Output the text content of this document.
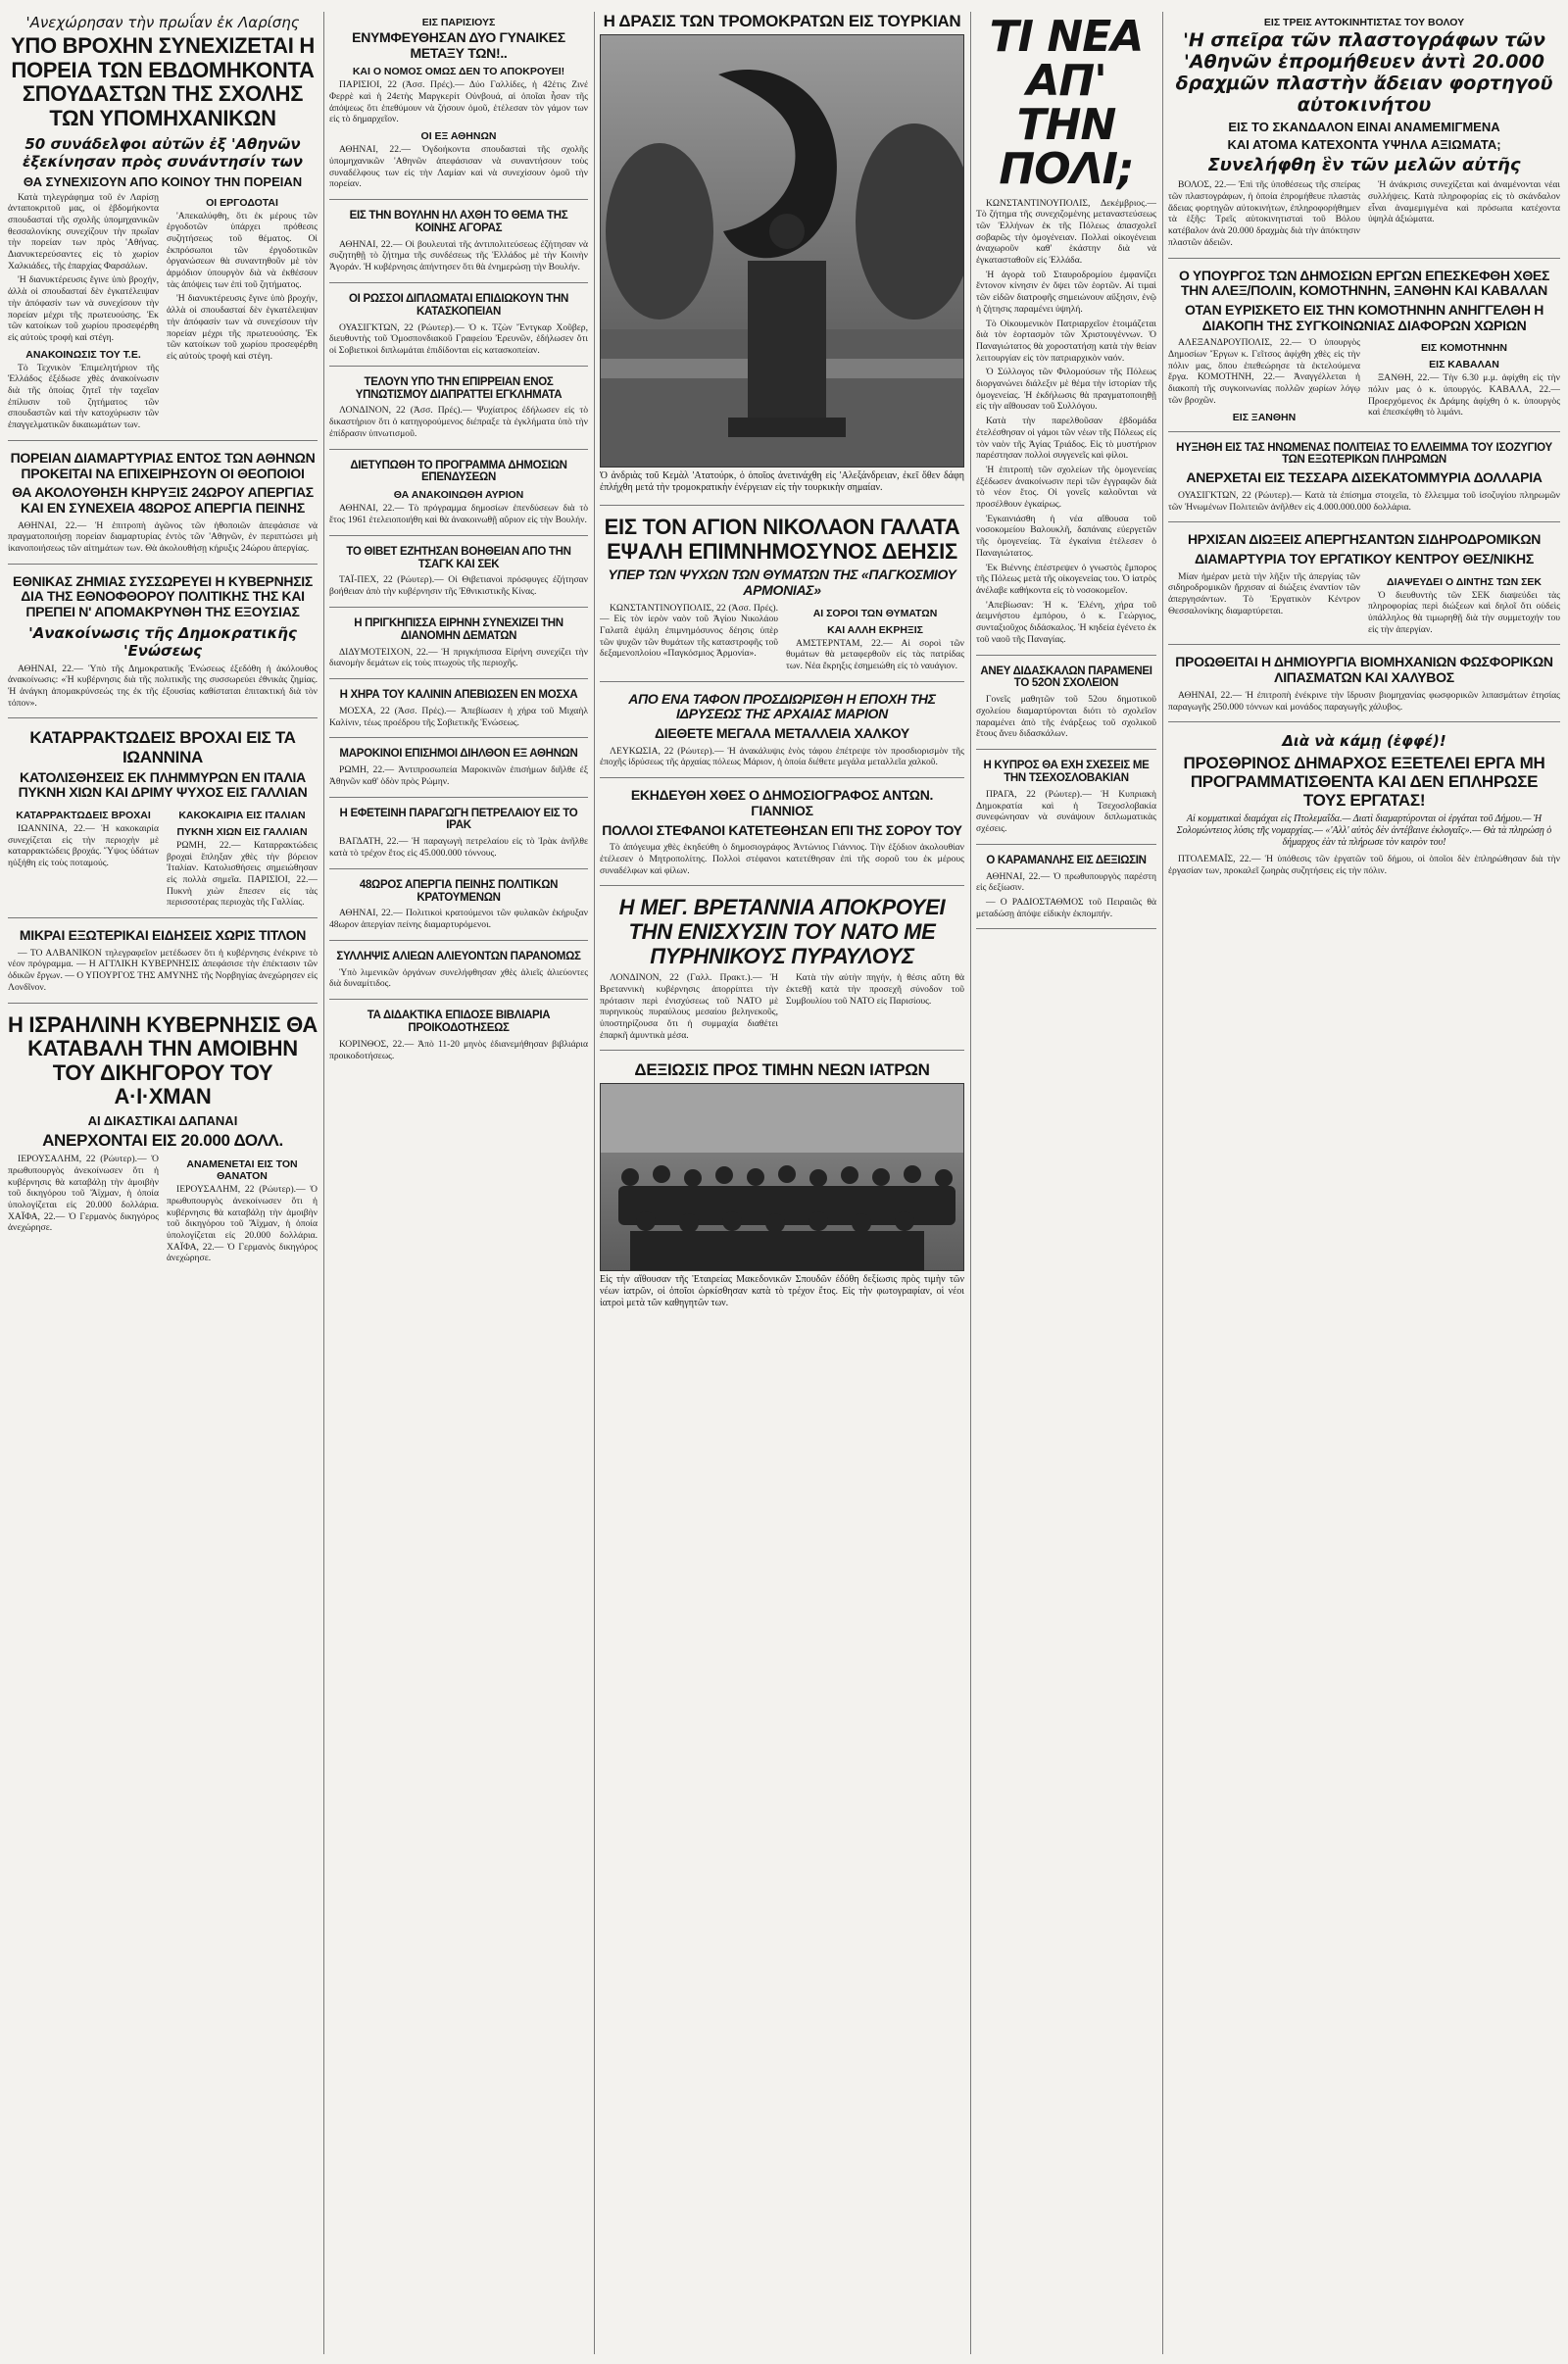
'Ανεχώρησαν τὴν πρωΐαν ἐκ Λαρίσης
ΥΠΟ ΒΡΟΧΗΝ ΣΥΝΕΧΙΖΕΤΑΙ Η ΠΟΡΕΙΑ ΤΩΝ ΕΒΔΟΜΗΚΟΝΤΑ ΣΠΟΥΔΑΣΤΩΝ ΤΗΣ ΣΧΟΛΗΣ ΤΩΝ ΥΠΟΜΗΧΑΝΙΚΩΝ
50 συνάδελφοι αὐτῶν ἐξ 'Αθηνῶν ἐξεκίνησαν πρὸς συνάντησίν των
ΘΑ ΣΥΝΕΧΙΣΟΥΝ ΑΠΟ ΚΟΙΝΟΥ ΤΗΝ ΠΟΡΕΙΑΝ

Κατὰ τηλεγράφημα τοῦ ἐν Λαρίσῃ ἀνταποκριτοῦ μας, οἱ ἑβδομήκοντα σπουδασταί τῆς σχολῆς ὑπομηχανικῶν θεσσαλονίκης συνεχίζουν τὴν πρωΐαν τὴν πορείαν των πρὸς 'Αθήνας. Διανυκτερεύσαντες εἰς τὸ χωρίον Χαλκιάδες, τῆς ἐπαρχίας Φαρσάλων.

'Η διανυκτέρευσις ἔγινε ὑπὸ βροχήν, ἀλλὰ οἱ σπουδασταί δὲν ἐγκατέλειψαν τὴν ἀπόφασίν των νὰ συνεχίσουν τὴν πορείαν μέχρι τῆς πρωτευούσης. Ἐκ τῶν κατοίκων τοῦ χωρίου προσεφέρθη εἰς αὐτοὺς τροφὴ καὶ στέγη.

ΑΝΑΚΟΙΝΩΣΙΣ ΤΟΥ Τ.Ε.

Τὸ Τεχνικὸν Ἐπιμελητήριον τῆς Ἑλλάδος ἐξέδωσε χθὲς ἀνακοίνωσιν διὰ τῆς ὁποίας ζητεῖ τὴν ταχεῖαν ἐπίλυσιν τοῦ ζητήματος τῶν σπουδαστῶν καὶ τὴν κατοχύρωσιν τῶν ἐπαγγελματικῶν δικαιωμάτων των.

ΟΙ ΕΡΓΟΔΟΤΑΙ

'Απεκαλύφθη, ὅτι ἐκ μέρους τῶν ἐργοδοτῶν ὑπάρχει πρόθεσις συζητήσεως τοῦ θέματος. Οἱ ἐκπρόσωποι τῶν ἐργοδοτικῶν ὀργανώσεων θὰ συναντηθοῦν μὲ τὸν ἁρμόδιον ὑπουργὸν διὰ νὰ ἐκθέσουν τὰς ἀπόψεις των ἐπὶ τοῦ ζητήματος.

'Η διανυκτέρευσις ἔγινε ὑπὸ βροχήν, ἀλλὰ οἱ σπουδασταί δὲν ἐγκατέλειψαν τὴν ἀπόφασίν των νὰ συνεχίσουν τὴν πορείαν μέχρι τῆς πρωτευούσης. Ἐκ τῶν κατοίκων τοῦ χωρίου προσεφέρθη εἰς αὐτοὺς τροφὴ καὶ στέγη.

ΠΟΡΕΙΑΝ ΔΙΑΜΑΡΤΥΡΙΑΣ ΕΝΤΟΣ ΤΩΝ ΑΘΗΝΩΝ ΠΡΟΚΕΙΤΑΙ ΝΑ ΕΠΙΧΕΙΡΗΣΟΥΝ ΟΙ ΘΕΟΠΟΙΟΙ
ΘΑ ΑΚΟΛΟΥΘΗΣΗ ΚΗΡΥΞΙΣ 24ΩΡΟΥ ΑΠΕΡΓΙΑΣ ΚΑΙ ΕΝ ΣΥΝΕΧΕΙΑ 48ΩΡΟΣ ΑΠΕΡΓΙΑ ΠΕΙΝΗΣ

ΑΘΗΝΑΙ, 22.— Ἡ ἐπιτροπὴ ἀγῶνος τῶν ἠθοποιῶν ἀπεφάσισε νὰ πραγματοποιήσῃ πορείαν διαμαρτυρίας ἐντὸς τῶν 'Αθηνῶν, ἐν περιπτώσει μὴ ἱκανοποιήσεως τῶν αἰτημάτων των. Θὰ ἀκολουθήσῃ κήρυξις 24ώρου ἀπεργίας.

ΕΘΝΙΚΑΣ ΖΗΜΙΑΣ ΣΥΣΣΩΡΕΥΕΙ Η ΚΥΒΕΡΝΗΣΙΣ ΔΙΑ ΤΗΣ ΕΘΝΟΦΘΟΡΟΥ ΠΟΛΙΤΙΚΗΣ ΤΗΣ ΚΑΙ ΠΡΕΠΕΙ Ν' ΑΠΟΜΑΚΡΥΝΘΗ ΤΗΣ ΕΞΟΥΣΙΑΣ
'Ανακοίνωσις τῆς Δημοκρατικῆς 'Ενώσεως

ΑΘΗΝΑΙ, 22.— Ὑπὸ τῆς Δημοκρατικῆς Ἑνώσεως ἐξεδόθη ἡ ἀκόλουθος ἀνακοίνωσις: «Ἡ κυβέρνησις διὰ τῆς πολιτικῆς της συσσωρεύει ἐθνικὰς ζημίας. Ἡ ἀνάγκη ἀπομακρύνσεώς της ἐκ τῆς ἐξουσίας καθίσταται ἐπιτακτική διὰ τὸν τόπον».

ΚΑΤΑΡΡΑΚΤΩΔΕΙΣ ΒΡΟΧΑΙ ΕΙΣ ΤΑ ΙΩΑΝΝΙΝΑ
ΚΑΤΟΛΙΣΘΗΣΕΙΣ ΕΚ ΠΛΗΜΜΥΡΩΝ ΕΝ ΙΤΑΛΙΑ ΠΥΚΝΗ ΧΙΩΝ ΚΑΙ ΔΡΙΜΥ ΨΥΧΟΣ ΕΙΣ ΓΑΛΛΙΑΝ
ΚΑΤΑΡΡΑΚΤΩΔΕΙΣ ΒΡΟΧΑΙ

ΙΩΑΝΝΙΝΑ, 22.— Ἡ κακοκαιρία συνεχίζεται εἰς τὴν περιοχὴν μὲ καταρρακτώδεις βροχάς. Ὕψος ὑδάτων ηὐξήθη εἰς τοὺς ποταμούς.

ΚΑΚΟΚΑΙΡΙΑ ΕΙΣ ΙΤΑΛΙΑΝ
ΠΥΚΝΗ ΧΙΩΝ ΕΙΣ ΓΑΛΛΙΑΝ

ΡΩΜΗ, 22.— Καταρρακτώδεις βροχαὶ ἔπληξαν χθὲς τὴν βόρειον Ἰταλίαν. Κατολισθήσεις σημειώθησαν εἰς πολλὰ σημεῖα. ΠΑΡΙΣΙΟΙ, 22.— Πυκνὴ χιὼν ἔπεσεν εἰς τὰς περισσοτέρας περιοχὰς τῆς Γαλλίας.

ΜΙΚΡΑΙ ΕΞΩΤΕΡΙΚΑΙ ΕΙΔΗΣΕΙΣ ΧΩΡΙΣ ΤΙΤΛΟΝ

— ΤΟ ΑΛΒΑΝΙΚΟΝ τηλεγραφεῖον μετέδωσεν ὅτι ἡ κυβέρνησις ἐνέκρινε τὸ νέον πρόγραμμα. — Η ΑΓΓΛΙΚΗ ΚΥΒΕΡΝΗΣΙΣ ἀπεφάσισε τὴν ἐπέκτασιν τῶν ὀδικῶν ἔργων. — Ο ΥΠΟΥΡΓΟΣ ΤΗΣ ΑΜΥΝΗΣ τῆς Νορβηγίας ἀνεχώρησεν εἰς Λονδῖνον.

Η ΙΣΡΑΗΛΙΝΗ ΚΥΒΕΡΝΗΣΙΣ ΘΑ ΚΑΤΑΒΑΛΗ ΤΗΝ ΑΜΟΙΒΗΝ ΤΟΥ ΔΙΚΗΓΟΡΟΥ ΤΟΥ Α·Ι·ΧΜΑΝ
ΑΙ ΔΙΚΑΣΤΙΚΑΙ ΔΑΠΑΝΑΙ
ΑΝΕΡΧΟΝΤΑΙ ΕΙΣ 20.000 ΔΟΛΛ.

ΙΕΡΟΥΣΑΛΗΜ, 22 (Ρώυτερ).— Ὁ πρωθυπουργὸς ἀνεκοίνωσεν ὅτι ἡ κυβέρνησις θὰ καταβάλῃ τὴν ἀμοιβὴν τοῦ δικηγόρου τοῦ Ἄϊχμαν, ἡ ὁποία ὑπολογίζεται εἰς 20.000 δολλάρια. ΧΑΪΦΑ, 22.— Ὁ Γερμανὸς δικηγόρος ἀνεχώρησε.

ΑΝΑΜΕΝΕΤΑΙ ΕΙΣ ΤΟΝ ΘΑΝΑΤΟΝ

ΙΕΡΟΥΣΑΛΗΜ, 22 (Ρώυτερ).— Ὁ πρωθυπουργὸς ἀνεκοίνωσεν ὅτι ἡ κυβέρνησις θὰ καταβάλῃ τὴν ἀμοιβὴν τοῦ δικηγόρου τοῦ Ἄϊχμαν, ἡ ὁποία ὑπολογίζεται εἰς 20.000 δολλάρια. ΧΑΪΦΑ, 22.— Ὁ Γερμανὸς δικηγόρος ἀνεχώρησε.

ΕΙΣ ΠΑΡΙΣΙΟΥΣ
ΕΝΥΜΦΕΥΘΗΣΑΝ ΔΥΟ ΓΥΝΑΙΚΕΣ ΜΕΤΑΞΥ ΤΩΝ!..
ΚΑΙ Ο ΝΟΜΟΣ ΟΜΩΣ ΔΕΝ ΤΟ ΑΠΟΚΡΟΥΕΙ!

ΠΑΡΙΣΙΟΙ, 22 (Ἀσσ. Πρές).— Δύο Γαλλίδες, ἡ 42έτις Ζινέ Φερρὲ καὶ ἡ 24ετὴς Μαργκερίτ Οὐνβουά, αἱ ὁποῖαι ἦσαν τῆς ἀπόψεως ὅτι ἐπεθύμουν νὰ ζήσουν ὁμοῦ, ἐτέλεσαν τὸν γάμον των εἰς τὸ δημαρχεῖον.

ΟΙ ΕΞ ΑΘΗΝΩΝ

ΑΘΗΝΑΙ, 22.— Ὀγδοήκοντα σπουδασταὶ τῆς σχολῆς ὑπομηχανικῶν 'Αθηνῶν ἀπεφάσισαν νὰ συναντήσουν τοὺς συναδέλφους των εἰς τὴν Λαμίαν καὶ νὰ συνεχίσουν ὁμοῦ τὴν πορείαν.

ΕΙΣ ΤΗΝ ΒΟΥΛΗΝ ΗΛ ΑΧΘΗ ΤΟ ΘΕΜΑ ΤΗΣ ΚΟΙΝΗΣ ΑΓΟΡΑΣ

ΑΘΗΝΑΙ, 22.— Οἱ βουλευταὶ τῆς ἀντιπολιτεύσεως ἐζήτησαν νὰ συζητηθῇ τὸ ζήτημα τῆς συνδέσεως τῆς Ἑλλάδος μὲ τὴν Κοινὴν Ἀγοράν. Ἡ κυβέρνησις ἀπήντησεν ὅτι θὰ ἐνημερώσῃ τὴν Βουλήν.

ΟΙ ΡΩΣΣΟΙ ΔΙΠΛΩΜΑΤΑΙ ΕΠΙΔΙΩΚΟΥΝ ΤΗΝ ΚΑΤΑΣΚΟΠΕΙΑΝ

ΟΥΑΣΙΓΚΤΩΝ, 22 (Ρώυτερ).— Ὁ κ. Τζὼν Ἔντγκαρ Χοῦβερ, διευθυντὴς τοῦ Ὁμοσπονδιακοῦ Γραφείου Ἐρευνῶν, ἐδήλωσεν ὅτι οἱ Σοβιετικοὶ διπλωμάται ἐπιδίδονται εἰς κατασκοπείαν.

ΤΕΛΟΥΝ ΥΠΟ ΤΗΝ ΕΠΙΡΡΕΙΑΝ ΕΝΟΣ ΥΠΝΩΤΙΣΜΟΥ ΔΙΑΠΡΑΤΤΕΙ ΕΓΚΛΗΜΑΤΑ

ΛΟΝΔΙΝΟΝ, 22 (Ἀσσ. Πρές).— Ψυχίατρος ἐδήλωσεν εἰς τὸ δικαστήριον ὅτι ὁ κατηγορούμενος διέπραξε τὰ ἐγκλήματα ὑπὸ τὴν ἐπίδρασιν ὑπνωτισμοῦ.

ΔΙΕΤΥΠΩΘΗ ΤΟ ΠΡΟΓΡΑΜΜΑ ΔΗΜΟΣΙΩΝ ΕΠΕΝΔΥΣΕΩΝ
ΘΑ ΑΝΑΚΟΙΝΩΘΗ ΑΥΡΙΟΝ

ΑΘΗΝΑΙ, 22.— Τὸ πρόγραμμα δημοσίων ἐπενδύσεων διὰ τὸ ἔτος 1961 ἐτελειοποιήθη καὶ θὰ ἀνακοινωθῇ αὔριον εἰς τὴν Βουλήν.

ΤΟ ΘΙΒΕΤ ΕΖΗΤΗΣΑΝ ΒΟΗΘΕΙΑΝ ΑΠΟ ΤΗΝ ΤΣΑΓΚ ΚΑΙ ΣΕΚ

ΤΑΪ-ΠΕΧ, 22 (Ρώυτερ).— Οἱ Θιβετιανοὶ πρόσφυγες ἐζήτησαν βοήθειαν ἀπὸ τὴν κυβέρνησιν τῆς Ἐθνικιστικῆς Κίνας.

Η ΠΡΙΓΚΗΠΙΣΣΑ ΕΙΡΗΝΗ ΣΥΝΕΧΙΖΕΙ ΤΗΝ ΔΙΑΝΟΜΗΝ ΔΕΜΑΤΩΝ

ΔΙΔΥΜΟΤΕΙΧΟΝ, 22.— Ἡ πριγκήπισσα Εἰρήνη συνεχίζει τὴν διανομὴν δεμάτων εἰς τοὺς πτωχοὺς τῆς περιοχῆς.

Η ΧΗΡΑ ΤΟΥ ΚΑΛΙΝΙΝ ΑΠΕΒΙΩΣΕΝ ΕΝ ΜΟΣΧΑ

ΜΟΣΧΑ, 22 (Ἀσσ. Πρές).— Ἀπεβίωσεν ἡ χήρα τοῦ Μιχαὴλ Καλίνιν, τέως προέδρου τῆς Σοβιετικῆς Ἑνώσεως.

ΜΑΡΟΚΙΝΟΙ ΕΠΙΣΗΜΟΙ ΔΙΗΛΘΟΝ ΕΞ ΑΘΗΝΩΝ

ΡΩΜΗ, 22.— Ἀντιπροσωπεία Μαροκινῶν ἐπισήμων διῆλθε ἐξ Ἀθηνῶν καθ' ὁδὸν πρὸς Ρώμην.

Η ΕΦΕΤΕΙΝΗ ΠΑΡΑΓΩΓΗ ΠΕΤΡΕΛΑΙΟΥ ΕΙΣ ΤΟ ΙΡΑΚ

ΒΑΓΔΑΤΗ, 22.— Ἡ παραγωγὴ πετρελαίου εἰς τὸ Ἰρὰκ ἀνῆλθε κατὰ τὸ τρέχον ἔτος εἰς 45.000.000 τόννους.

48ΩΡΟΣ ΑΠΕΡΓΙΑ ΠΕΙΝΗΣ ΠΟΛΙΤΙΚΩΝ ΚΡΑΤΟΥΜΕΝΩΝ

ΑΘΗΝΑΙ, 22.— Πολιτικοὶ κρατούμενοι τῶν φυλακῶν ἐκήρυξαν 48ωρον ἀπεργίαν πείνης διαμαρτυρόμενοι.

ΣΥΛΛΗΨΙΣ ΑΛΙΕΩΝ ΑΛΙΕΥΟΝΤΩΝ ΠΑΡΑΝΟΜΩΣ

Ὑπὸ λιμενικῶν ὀργάνων συνελήφθησαν χθὲς ἁλιεῖς ἁλιεύοντες διὰ δυναμίτιδος.

ΤΑ ΔΙΔΑΚΤΙΚΑ ΕΠΙΔΟΣΕ ΒΙΒΛΙΑΡΙΑ ΠΡΟΙΚΟΔΟΤΗΣΕΩΣ

ΚΟΡΙΝΘΟΣ, 22.— Ἀπὸ 11-20 μηνὸς ἐδιανεμήθησαν βιβλιάρια προικοδοτήσεως.

Η ΔΡΑΣΙΣ ΤΩΝ ΤΡΟΜΟΚΡΑΤΩΝ ΕΙΣ ΤΟΥΡΚΙΑΝ
Ὁ ἀνδριὰς τοῦ Κεμὰλ 'Ατατούρκ, ὁ ὁποῖος ἀνετινάχθη εἰς 'Αλεξάνδρειαν, ἐκεῖ ὅθεν δάφη ἐπλήχθη μετά τὴν τρομοκρατικὴν ἐνέργειαν εἰς τὴν τουρκικὴν σημαίαν.
ΕΙΣ ΤΟΝ ΑΓΙΟΝ ΝΙΚΟΛΑΟΝ ΓΑΛΑΤΑ ΕΨΑΛΗ ΕΠΙΜΝΗΜΟΣΥΝΟΣ ΔΕΗΣΙΣ
ΥΠΕΡ ΤΩΝ ΨΥΧΩΝ ΤΩΝ ΘΥΜΑΤΩΝ ΤΗΣ «ΠΑΓΚΟΣΜΙΟΥ ΑΡΜΟΝΙΑΣ»

ΚΩΝΣΤΑΝΤΙΝΟΥΠΟΛΙΣ, 22 (Ἀσσ. Πρές).— Εἰς τὸν ἱερὸν ναὸν τοῦ Ἁγίου Νικολάου Γαλατᾶ ἐψάλη ἐπιμνημόσυνος δέησις ὑπὲρ τῶν ψυχῶν τῶν θυμάτων τῆς καταστροφῆς τοῦ δεξαμενοπλοίου «Παγκόσμιος Ἁρμονία».

ΑΙ ΣΟΡΟΙ ΤΩΝ ΘΥΜΑΤΩΝ
ΚΑΙ ΑΛΛΗ ΕΚΡΗΞΙΣ

ΑΜΣΤΕΡΝΤΑΜ, 22.— Αἱ σοροὶ τῶν θυμάτων θὰ μεταφερθοῦν εἰς τὰς πατρίδας των. Νέα ἔκρηξις ἐσημειώθη εἰς τὸ ναυάγιον.

ΑΠΟ ΕΝΑ ΤΑΦΟΝ ΠΡΟΣΔΙΩΡΙΣΘΗ Η ΕΠΟΧΗ ΤΗΣ ΙΔΡΥΣΕΩΣ ΤΗΣ ΑΡΧΑΙΑΣ ΜΑΡΙΟΝ
ΔΙΕΘΕΤΕ ΜΕΓΑΛΑ ΜΕΤΑΛΛΕΙΑ ΧΑΛΚΟΥ

ΛΕΥΚΩΣΙΑ, 22 (Ρώυτερ).— Ἡ ἀνακάλυψις ἑνὸς τάφου ἐπέτρεψε τὸν προσδιορισμὸν τῆς ἐποχῆς ἱδρύσεως τῆς ἀρχαίας πόλεως Μάριον, ἡ ὁποία διέθετε μεγάλα μεταλλεῖα χαλκοῦ.

ΕΚΗΔΕΥΘΗ ΧΘΕΣ Ο ΔΗΜΟΣΙΟΓΡΑΦΟΣ ΑΝΤΩΝ. ΓΙΑΝΝΙΟΣ
ΠΟΛΛΟΙ ΣΤΕΦΑΝΟΙ ΚΑΤΕΤΕΘΗΣΑΝ ΕΠΙ ΤΗΣ ΣΟΡΟΥ ΤΟΥ

Τὸ ἀπόγευμα χθὲς ἐκηδεύθη ὁ δημοσιογράφος Ἀντώνιος Γιάννιος. Τὴν ἐξόδιον ἀκολουθίαν ἐτέλεσεν ὁ Μητροπολίτης. Πολλοὶ στέφανοι κατετέθησαν ἐπὶ τῆς σοροῦ του ἐκ μέρους συναδέλφων καὶ φίλων.

Η ΜΕΓ. ΒΡΕΤΑΝΝΙΑ ΑΠΟΚΡΟΥΕΙ ΤΗΝ ΕΝΙΣΧΥΣΙΝ ΤΟΥ ΝΑΤΟ ΜΕ ΠΥΡΗΝΙΚΟΥΣ ΠΥΡΑΥΛΟΥΣ

ΛΟΝΔΙΝΟΝ, 22 (Γαλλ. Πρακτ.).— Ἡ Βρεταννικὴ κυβέρνησις ἀπορρίπτει τὴν πρότασιν περὶ ἐνισχύσεως τοῦ ΝΑΤΟ μὲ πυρηνικοὺς πυραύλους μεσαίου βεληνεκοῦς, ὑποστηρίζουσα ὅτι ἡ συμμαχία διαθέτει ἐπαρκῆ ἀμυντικὰ μέσα.

Κατὰ τὴν αὐτὴν πηγήν, ἡ θέσις αὕτη θὰ ἐκτεθῇ κατὰ τὴν προσεχῆ σύνοδον τοῦ Συμβουλίου τοῦ ΝΑΤΟ εἰς Παρισίους.

ΔΕΞΙΩΣΙΣ ΠΡΟΣ ΤΙΜΗΝ ΝΕΩΝ ΙΑΤΡΩΝ
Εἰς τὴν αἴθουσαν τῆς Ἑταιρείας Μακεδονικῶν Σπουδῶν ἐδόθη δεξίωσις πρὸς τιμὴν τῶν νέων ἰατρῶν, οἱ ὁποῖοι ὡρκίσθησαν κατὰ τὸ τρέχον ἔτος. Εἰς τὴν φωτογραφίαν, οἱ νέοι ἰατροὶ μετὰ τῶν καθηγητῶν των.
ΤΙ ΝΕΑ ΑΠ' ΤΗΝ ΠΟΛΙ;

ΚΩΝΣΤΑΝΤΙΝΟΥΠΟΛΙΣ, Δεκέμβριος.— Τὸ ζήτημα τῆς συνεχιζομένης μεταναστεύσεως τῶν Ἑλλήνων ἐκ τῆς Πόλεως ἀπασχολεῖ σοβαρῶς τὴν ὁμογένειαν. Πολλαὶ οἰκογένειαι ἀναχωροῦν καθ' ἑκάστην διὰ νὰ ἐγκατασταθοῦν εἰς Ἑλλάδα.

Ἡ ἀγορὰ τοῦ Σταυροδρομίου ἐμφανίζει ἔντονον κίνησιν ἐν ὄψει τῶν ἑορτῶν. Αἱ τιμαὶ τῶν εἰδῶν διατροφῆς σημειώνουν αὔξησιν, ἐνῷ ἡ ζήτησις παραμένει ὑψηλή.

Τὸ Οἰκουμενικὸν Πατριαρχεῖον ἑτοιμάζεται διὰ τὸν ἑορτασμὸν τῶν Χριστουγέννων. Ὁ Παναγιώτατος θὰ χοροστατήσῃ κατὰ τὴν θείαν λειτουργίαν εἰς τὸν πατριαρχικὸν ναόν.

Ὁ Σύλλογος τῶν Φιλομούσων τῆς Πόλεως διοργανώνει διάλεξιν μὲ θέμα τὴν ἱστορίαν τῆς ὁμογενείας. Ἡ ἐκδήλωσις θὰ πραγματοποιηθῇ εἰς τὴν αἴθουσαν τοῦ Συλλόγου.

Κατὰ τὴν παρελθοῦσαν ἑβδομάδα ἐτελέσθησαν οἱ γάμοι τῶν νέων τῆς Πόλεως εἰς τὸν ναὸν τῆς Ἁγίας Τριάδος. Εἰς τὸ μυστήριον παρέστησαν πολλοὶ συγγενεῖς καὶ φίλοι.

Ἡ ἐπιτροπὴ τῶν σχολείων τῆς ὁμογενείας ἐξέδωσεν ἀνακοίνωσιν περὶ τῶν ἐγγραφῶν διὰ τὸ νέον ἔτος. Οἱ γονεῖς καλοῦνται νὰ προσέλθουν ἐγκαίρως.

Ἐγκαινιάσθη ἡ νέα αἴθουσα τοῦ νοσοκομείου Βαλουκλῆ, δαπάναις εὐεργετῶν τῆς ὁμογενείας. Τὰ ἐγκαίνια ἐτέλεσεν ὁ Παναγιώτατος.

Ἐκ Βιέννης ἐπέστρεψεν ὁ γνωστὸς ἔμπορος τῆς Πόλεως μετὰ τῆς οἰκογενείας του. Ὁ ἰατρὸς ἀνέλαβε καθήκοντα εἰς τὸ νοσοκομεῖον.

'Απεβίωσαν: Ἡ κ. Ἐλένη, χήρα τοῦ ἀειμνήστου ἐμπόρου, ὁ κ. Γεώργιος, συνταξιοῦχος διδάσκαλος. Ἡ κηδεία ἐγένετο ἐκ τοῦ ναοῦ τῆς Παναγίας.

ΑΝΕΥ ΔΙΔΑΣΚΑΛΩΝ ΠΑΡΑΜΕΝΕΙ ΤΟ 52ΟΝ ΣΧΟΛΕΙΟΝ

Γονεῖς μαθητῶν τοῦ 52ου δημοτικοῦ σχολείου διαμαρτύρονται διότι τὸ σχολεῖον παραμένει ἀπὸ τῆς ἐνάρξεως τοῦ σχολικοῦ ἔτους ἄνευ διδασκάλων.

Η ΚΥΠΡΟΣ ΘΑ ΕΧΗ ΣΧΕΣΕΙΣ ΜΕ ΤΗΝ ΤΣΕΧΟΣΛΟΒΑΚΙΑΝ

ΠΡΑΓΑ, 22 (Ρώυτερ).— Ἡ Κυπριακὴ Δημοκρατία καὶ ἡ Τσεχοσλοβακία συνεφώνησαν νὰ συνάψουν διπλωματικὰς σχέσεις.

Ο ΚΑΡΑΜΑΝΛΗΣ ΕΙΣ ΔΕΞΙΩΣΙΝ

ΑΘΗΝΑΙ, 22.— Ὁ πρωθυπουργὸς παρέστη εἰς δεξίωσιν.

— Ο ΡΑΔΙΟΣΤΑΘΜΟΣ τοῦ Πειραιῶς θὰ μεταδώσῃ ἀπόψε εἰδικὴν ἐκπομπήν.

ΕΙΣ ΤΡΕΙΣ ΑΥΤΟΚΙΝΗΤΙΣΤΑΣ ΤΟΥ ΒΟΛΟΥ
'Η σπεῖρα τῶν πλαστογράφων τῶν 'Αθηνῶν ἐπρομήθευεν ἀντὶ 20.000 δραχμῶν πλαστὴν ἄδειαν φορτηγοῦ αὐτοκινήτου
ΕΙΣ ΤΟ ΣΚΑΝΔΑΛΟΝ ΕΙΝΑΙ ΑΝΑΜΕΜΙΓΜΕΝΑ
ΚΑΙ ΑΤΟΜΑ ΚΑΤΕΧΟΝΤΑ ΥΨΗΛΑ ΑΞΙΩΜΑΤΑ;
Συνελήφθη ἓν τῶν μελῶν αὐτῆς

ΒΟΛΟΣ, 22.— Ἐπὶ τῆς ὑποθέσεως τῆς σπείρας τῶν πλαστογράφων, ἡ ὁποία ἐπρομήθευε πλαστὰς ἄδειας φορτηγῶν αὐτοκινήτων, ἐπληροφορήθημεν τὰ ἑξῆς: Τρεῖς αὐτοκινητισταὶ τοῦ Βόλου κατέβαλον ἀνὰ 20.000 δραχμὰς διὰ τὴν ἀπόκτησιν πλαστῶν ἀδειῶν.

Ἡ ἀνάκρισις συνεχίζεται καὶ ἀναμένονται νέαι συλλήψεις. Κατὰ πληροφορίας εἰς τὸ σκάνδαλον εἶναι ἀναμεμιγμένα καὶ πρόσωπα κατέχοντα ὑψηλὰ ἀξιώματα.

Ο ΥΠΟΥΡΓΟΣ ΤΩΝ ΔΗΜΟΣΙΩΝ ΕΡΓΩΝ ΕΠΕΣΚΕΦΘΗ ΧΘΕΣ ΤΗΝ ΑΛΕΞ/ΠΟΛΙΝ, ΚΟΜΟΤΗΝΗΝ, ΞΑΝΘΗΝ ΚΑΙ ΚΑΒΑΛΑΝ
ΟΤΑΝ ΕΥΡΙΣΚΕΤΟ ΕΙΣ ΤΗΝ ΚΟΜΟΤΗΝΗΝ ΑΝΗΓΓΕΛΘΗ Η ΔΙΑΚΟΠΗ ΤΗΣ ΣΥΓΚΟΙΝΩΝΙΑΣ ΔΙΑΦΟΡΩΝ ΧΩΡΙΩΝ

ΑΛΕΞΑΝΔΡΟΥΠΟΛΙΣ, 22.— Ὁ ὑπουργὸς Δημοσίων Ἔργων κ. Γεῖτσος ἀφίχθη χθὲς εἰς τὴν πόλιν μας, ὅπου ἐπεθεώρησε τὰ ἐκτελούμενα ἔργα. ΚΟΜΟΤΗΝΗ, 22.— Ἀναγγέλλεται ἡ διακοπὴ τῆς συγκοινωνίας πολλῶν χωρίων λόγῳ τῶν βροχῶν.

ΕΙΣ ΞΑΝΘΗΝ
ΕΙΣ ΚΟΜΟΤΗΝΗΝ
ΕΙΣ ΚΑΒΑΛΑΝ

ΞΑΝΘΗ, 22.— Τὴν 6.30 μ.μ. ἀφίχθη εἰς τὴν πόλιν μας ὁ κ. ὑπουργός. ΚΑΒΑΛΑ, 22.— Προερχόμενος ἐκ Δράμης ἀφίχθη ὁ κ. ὑπουργὸς καὶ ἐπεσκέφθη τὸ λιμάνι.

ΗΥΞΗΘΗ ΕΙΣ ΤΑΣ ΗΝΩΜΕΝΑΣ ΠΟΛΙΤΕΙΑΣ ΤΟ ΕΛΛΕΙΜΜΑ ΤΟΥ ΙΣΟΖΥΓΙΟΥ ΤΩΝ ΕΞΩΤΕΡΙΚΩΝ ΠΛΗΡΩΜΩΝ
ΑΝΕΡΧΕΤΑΙ ΕΙΣ ΤΕΣΣΑΡΑ ΔΙΣΕΚΑΤΟΜΜΥΡΙΑ ΔΟΛΛΑΡΙΑ

ΟΥΑΣΙΓΚΤΩΝ, 22 (Ρώυτερ).— Κατὰ τὰ ἐπίσημα στοιχεῖα, τὸ ἔλλειμμα τοῦ ἰσοζυγίου πληρωμῶν τῶν Ἡνωμένων Πολιτειῶν ἀνῆλθεν εἰς 4.000.000.000 δολλάρια.

ΗΡΧΙΣΑΝ ΔΙΩΞΕΙΣ ΑΠΕΡΓΗΣΑΝΤΩΝ ΣΙΔΗΡΟΔΡΟΜΙΚΩΝ
ΔΙΑΜΑΡΤΥΡΙΑ ΤΟΥ ΕΡΓΑΤΙΚΟΥ ΚΕΝΤΡΟΥ ΘΕΣ/ΝΙΚΗΣ

Μίαν ἡμέραν μετὰ τὴν λῆξιν τῆς ἀπεργίας τῶν σιδηροδρομικῶν ἤρχισαν αἱ διώξεις ἐναντίον τῶν ἀπεργησάντων. Τὸ Ἐργατικὸν Κέντρον Θεσσαλονίκης διαμαρτύρεται.

ΔΙΑΨΕΥΔΕΙ Ο ΔΙΝΤΗΣ ΤΩΝ ΣΕΚ

Ὁ διευθυντὴς τῶν ΣΕΚ διαψεύδει τὰς πληροφορίας περὶ διώξεων καὶ δηλοῖ ὅτι οὐδεὶς ὑπάλληλος θὰ τιμωρηθῇ διὰ τὴν συμμετοχήν του εἰς τὴν ἀπεργίαν.

ΠΡΟΩΘΕΙΤΑΙ Η ΔΗΜΙΟΥΡΓΙΑ ΒΙΟΜΗΧΑΝΙΩΝ ΦΩΣΦΟΡΙΚΩΝ ΛΙΠΑΣΜΑΤΩΝ ΚΑΙ ΧΑΛΥΒΟΣ

ΑΘΗΝΑΙ, 22.— Ἡ ἐπιτροπὴ ἐνέκρινε τὴν ἵδρυσιν βιομηχανίας φωσφορικῶν λιπασμάτων ἐτησίας παραγωγῆς 250.000 τόννων καὶ μονάδος παραγωγῆς χάλυβος.

Διὰ νὰ κάμῃ (ἐφφέ)!
ΠΡΟΣΘΡΙΝΟΣ ΔΗΜΑΡΧΟΣ ΕΞΕΤΕΛΕΙ ΕΡΓΑ ΜΗ ΠΡΟΓΡΑΜΜΑΤΙΣΘΕΝΤΑ ΚΑΙ ΔΕΝ ΕΠΛΗΡΩΣΕ ΤΟΥΣ ΕΡΓΑΤΑΣ!
Αἱ κομματικαὶ διαμάχαι εἰς Πτολεμαΐδα.— Διατὶ διαμαρτύρονται οἱ ἐργάται τοῦ Δήμου.— Ἡ Σολομώντειος λύσις τῆς νομαρχίας.— «'Αλλ' αὐτὸς δὲν ἀντέβαινε ἐκλογαῖς».— Θὰ τὰ πληρώσῃ ὁ δήμαρχος ἐὰν τὰ πλήρωσε τὸν καιρὸν του!

ΠΤΟΛΕΜΑΪΣ, 22.— Ἡ ὑπόθεσις τῶν ἐργατῶν τοῦ δήμου, οἱ ὁποῖοι δὲν ἐπληρώθησαν διὰ τὴν ἐργασίαν των, προκαλεῖ ζωηρὰς συζητήσεις εἰς τὴν πόλιν.
